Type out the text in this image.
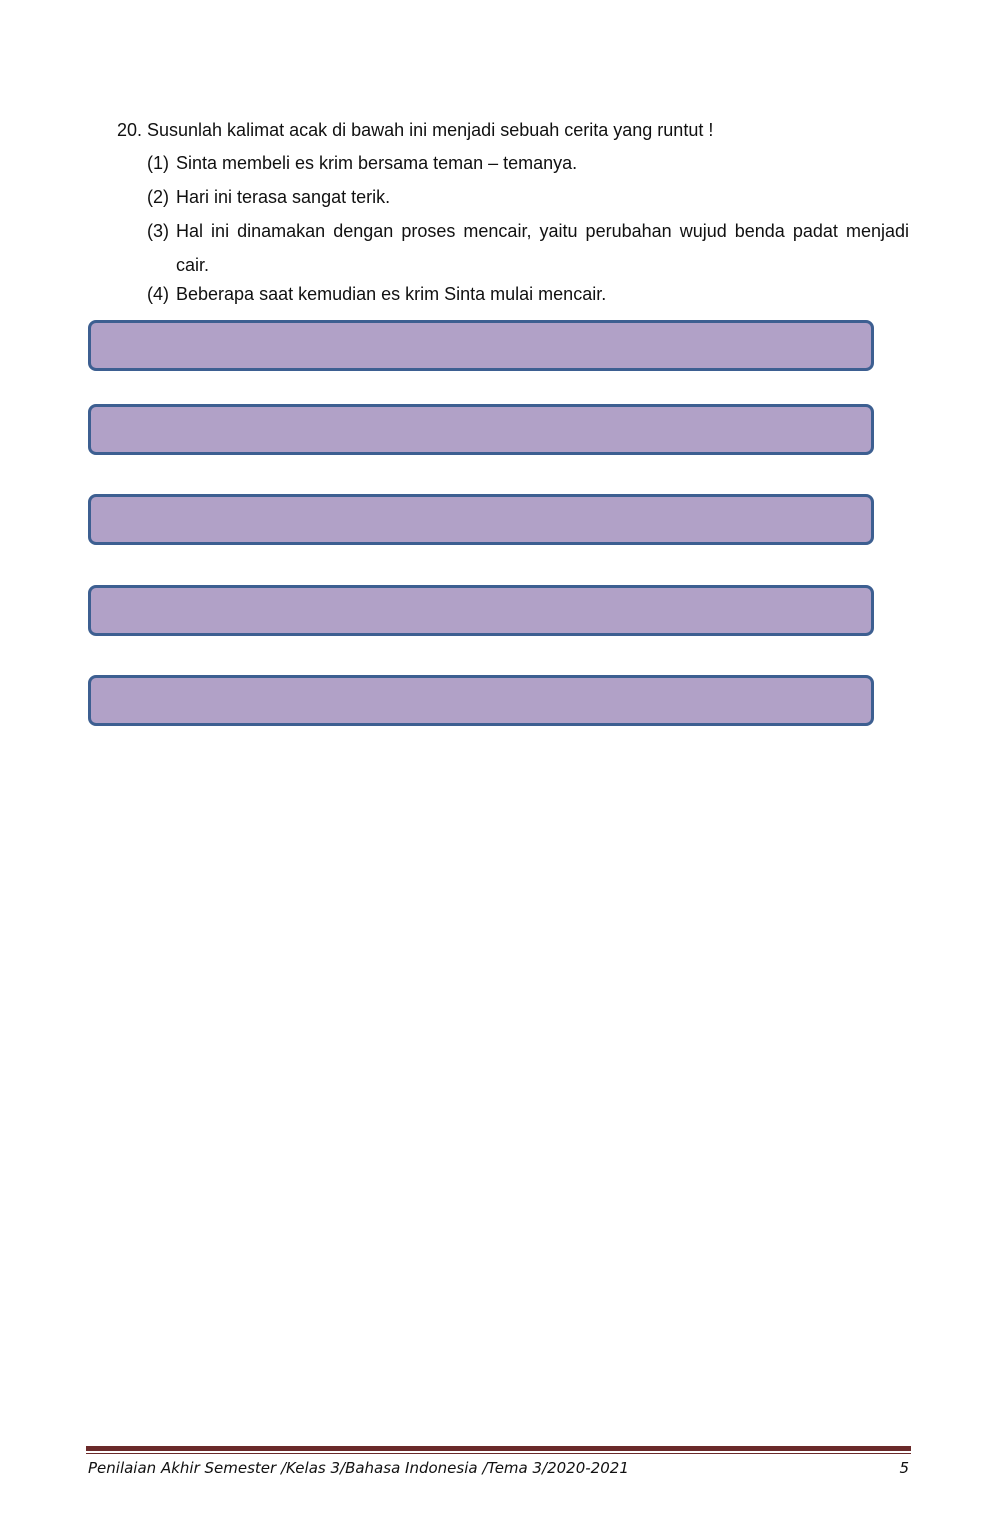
20. Susunlah kalimat acak di bawah ini menjadi sebuah cerita yang runtut !
(1) Sinta membeli es krim bersama teman – temanya.
(2) Hari ini terasa sangat terik.
(3) Hal ini dinamakan dengan proses mencair, yaitu perubahan wujud benda padat menjadi cair.
(4) Beberapa saat kemudian es krim Sinta mulai mencair.
Penilaian Akhir Semester /Kelas 3/Bahasa Indonesia /Tema 3/2020-2021	5
